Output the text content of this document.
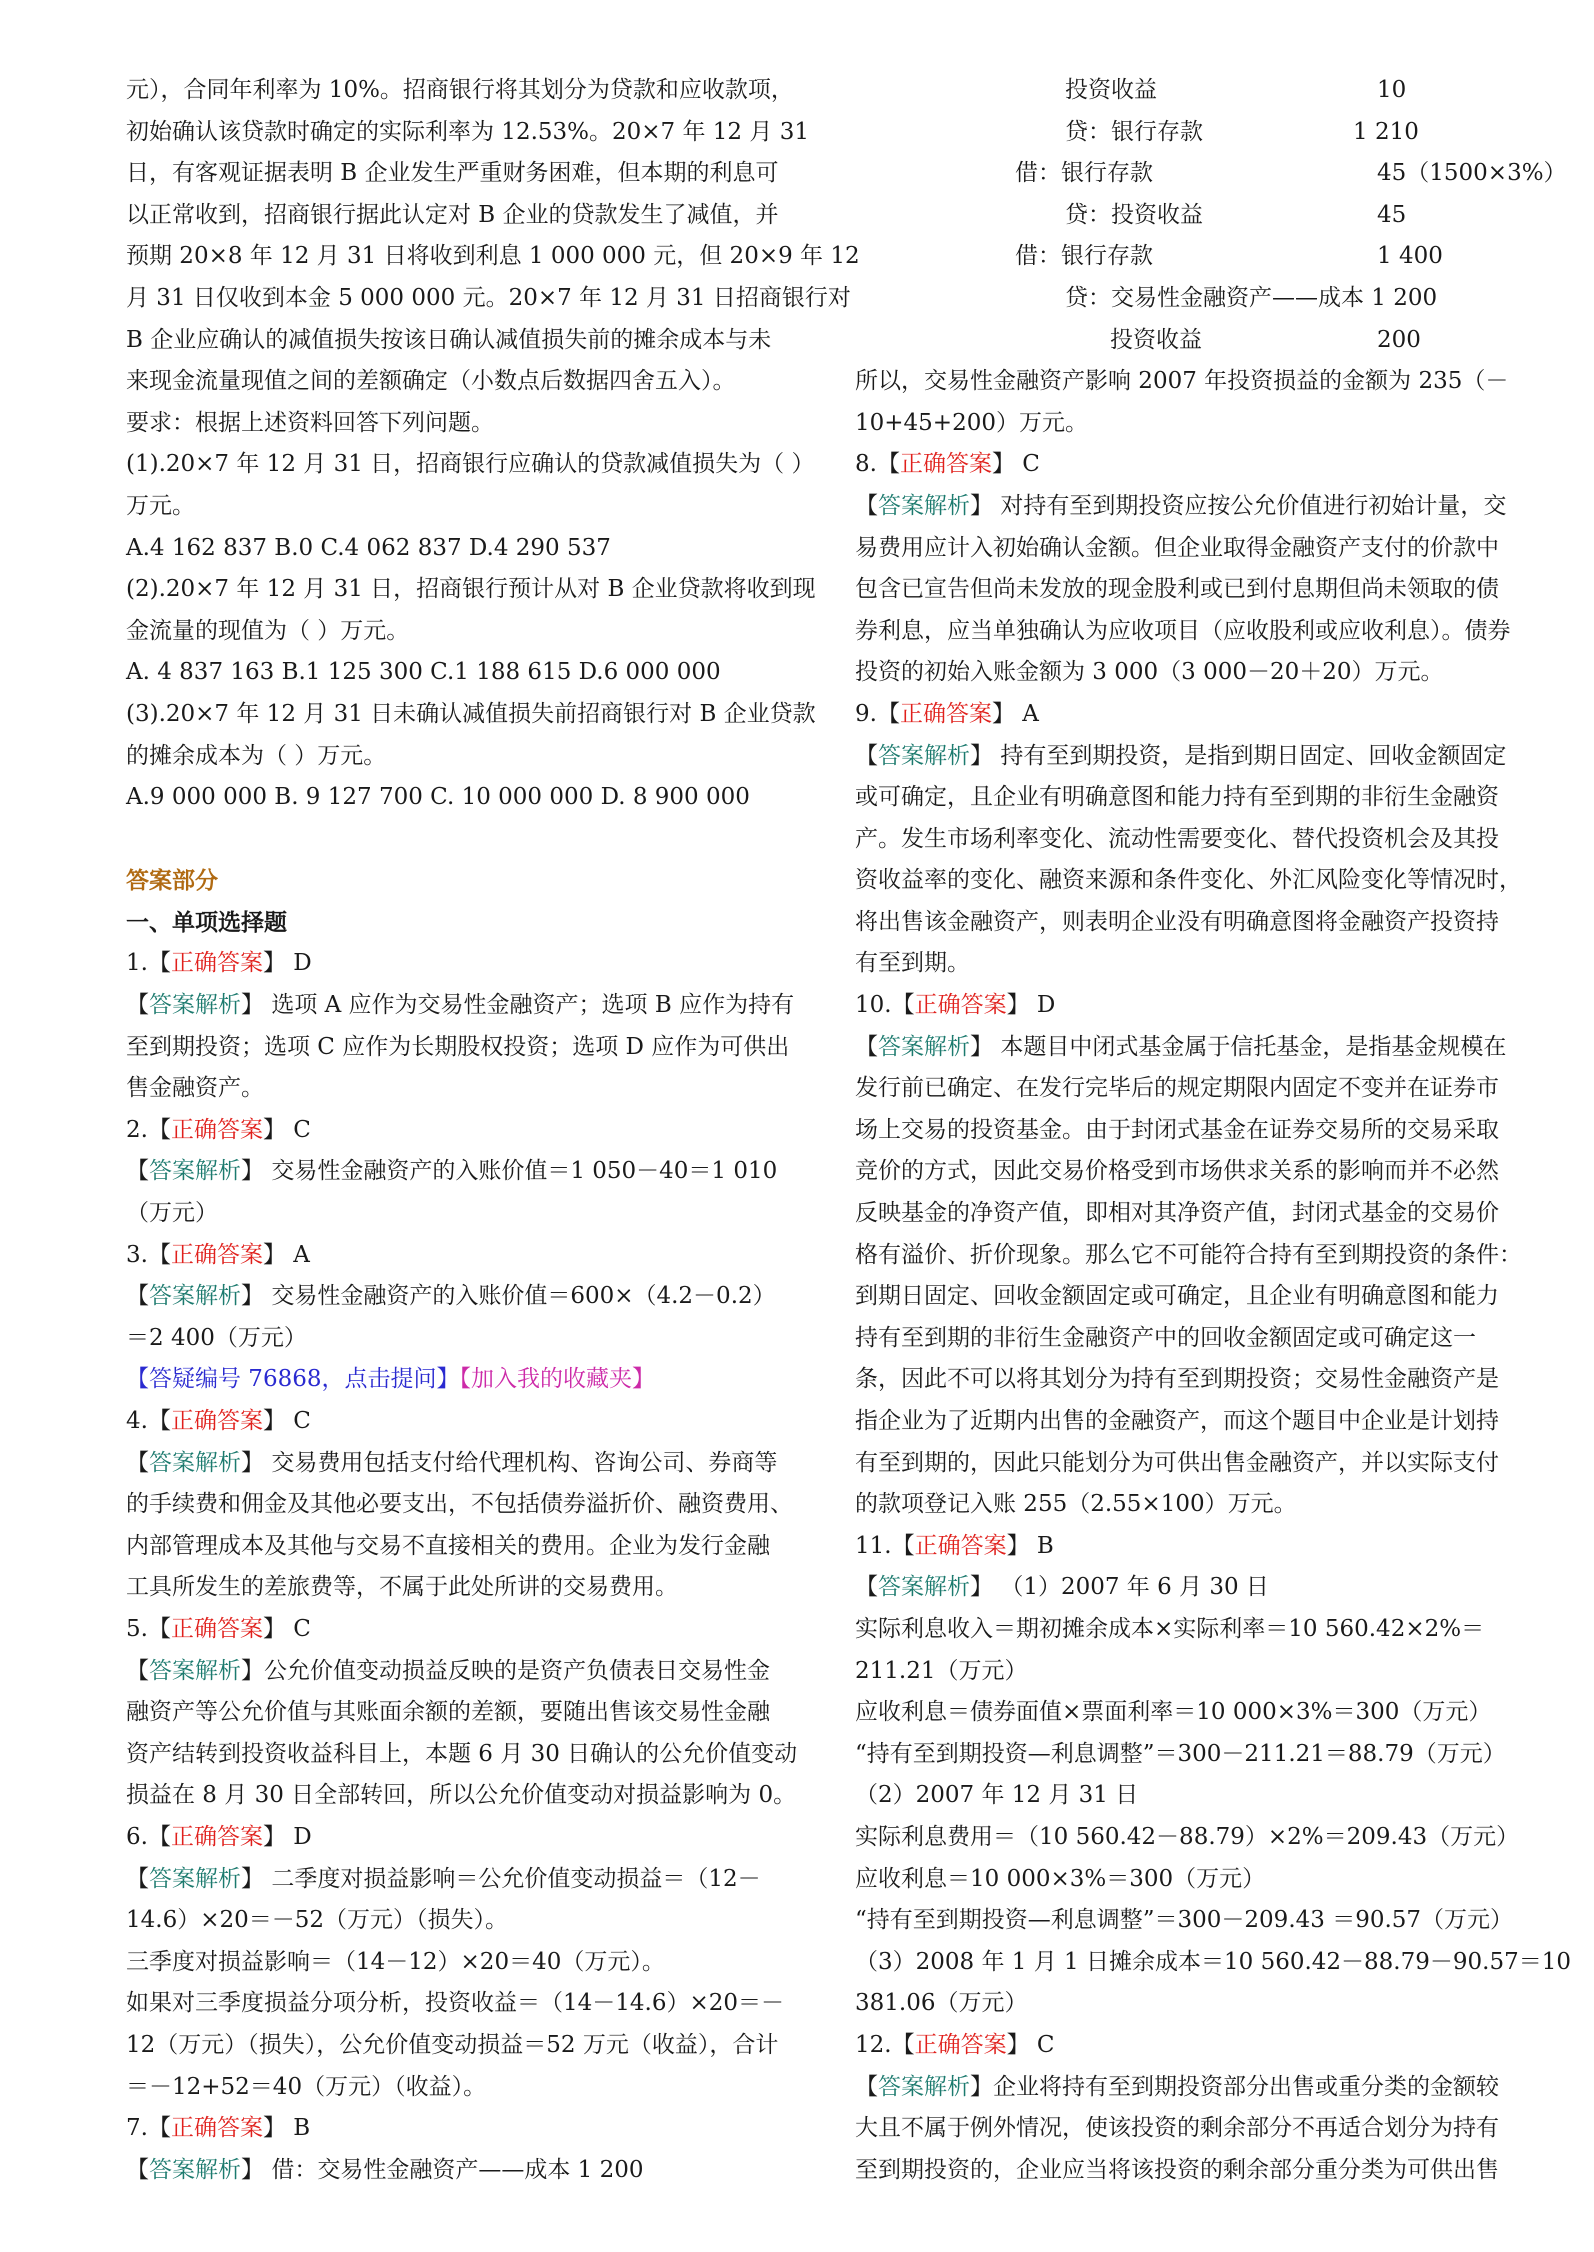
元），合同年利率为 10%。招商银行将其划分为贷款和应收款项，
初始确认该贷款时确定的实际利率为 12.53%。20×7 年 12 月 31
日，有客观证据表明 B 企业发生严重财务困难，但本期的利息可
以正常收到，招商银行据此认定对 B 企业的贷款发生了减值，并
预期 20×8 年 12 月 31 日将收到利息 1 000 000 元，但 20×9 年 12
月 31 日仅收到本金 5 000 000 元。20×7 年 12 月 31 日招商银行对
B 企业应确认的减值损失按该日确认减值损失前的摊余成本与未
来现金流量现值之间的差额确定（小数点后数据四舍五入）。
要求：根据上述资料回答下列问题。
(1).20×7 年 12 月 31 日，招商银行应确认的贷款减值损失为（ ）
万元。
A.4 162 837 B.0 C.4 062 837 D.4 290 537
(2).20×7 年 12 月 31 日，招商银行预计从对 B 企业贷款将收到现
金流量的现值为（ ）万元。
A. 4 837 163 B.1 125 300 C.1 188 615 D.6 000 000
(3).20×7 年 12 月 31 日未确认减值损失前招商银行对 B 企业贷款
的摊余成本为（ ）万元。
A.9 000 000 B. 9 127 700 C. 10 000 000 D. 8 900 000
答案部分
一、单项选择题
1.【正确答案】 D
【答案解析】 选项 A 应作为交易性金融资产；选项 B 应作为持有
至到期投资；选项 C 应作为长期股权投资；选项 D 应作为可供出
售金融资产。
2.【正确答案】 C
【答案解析】 交易性金融资产的入账价值＝1 050－40＝1 010
（万元）
3.【正确答案】 A
【答案解析】 交易性金融资产的入账价值＝600×（4.2－0.2）
＝2 400（万元）
【答疑编号 76868，点击提问】【加入我的收藏夹】
4.【正确答案】 C
【答案解析】 交易费用包括支付给代理机构、咨询公司、券商等
的手续费和佣金及其他必要支出，不包括债券溢折价、融资费用、
内部管理成本及其他与交易不直接相关的费用。企业为发行金融
工具所发生的差旅费等，不属于此处所讲的交易费用。
5.【正确答案】 C
【答案解析】公允价值变动损益反映的是资产负债表日交易性金
融资产等公允价值与其账面余额的差额，要随出售该交易性金融
资产结转到投资收益科目上，本题 6 月 30 日确认的公允价值变动
损益在 8 月 30 日全部转回，所以公允价值变动对损益影响为 0。
6.【正确答案】 D
【答案解析】 二季度对损益影响＝公允价值变动损益＝（12－
14.6）×20＝－52（万元）（损失）。
三季度对损益影响＝（14－12）×20＝40（万元）。
如果对三季度损益分项分析，投资收益＝（14－14.6）×20＝－
12（万元）（损失），公允价值变动损益＝52 万元（收益），合计
＝－12+52＝40（万元）（收益）。
7.【正确答案】 B
【答案解析】 借：交易性金融资产——成本 1 200
投资收益	10
贷：银行存款	1 210
借：银行存款	45（1500×3%）
贷：投资收益	45
借：银行存款	1 400
贷：交易性金融资产——成本 1 200
投资收益	200
所以，交易性金融资产影响 2007 年投资损益的金额为 235（－
10+45+200）万元。
8.【正确答案】 C
【答案解析】 对持有至到期投资应按公允价值进行初始计量，交
易费用应计入初始确认金额。但企业取得金融资产支付的价款中
包含已宣告但尚未发放的现金股利或已到付息期但尚未领取的债
券利息，应当单独确认为应收项目（应收股利或应收利息）。债券
投资的初始入账金额为 3 000（3 000－20＋20）万元。
9.【正确答案】 A
【答案解析】 持有至到期投资，是指到期日固定、回收金额固定
或可确定，且企业有明确意图和能力持有至到期的非衍生金融资
产。发生市场利率变化、流动性需要变化、替代投资机会及其投
资收益率的变化、融资来源和条件变化、外汇风险变化等情况时，
将出售该金融资产，则表明企业没有明确意图将金融资产投资持
有至到期。
10.【正确答案】 D
【答案解析】 本题目中闭式基金属于信托基金，是指基金规模在
发行前已确定、在发行完毕后的规定期限内固定不变并在证券市
场上交易的投资基金。由于封闭式基金在证券交易所的交易采取
竞价的方式，因此交易价格受到市场供求关系的影响而并不必然
反映基金的净资产值，即相对其净资产值，封闭式基金的交易价
格有溢价、折价现象。那么它不可能符合持有至到期投资的条件：
到期日固定、回收金额固定或可确定，且企业有明确意图和能力
持有至到期的非衍生金融资产中的回收金额固定或可确定这一
条，因此不可以将其划分为持有至到期投资；交易性金融资产是
指企业为了近期内出售的金融资产，而这个题目中企业是计划持
有至到期的，因此只能划分为可供出售金融资产，并以实际支付
的款项登记入账 255（2.55×100）万元。
11.【正确答案】 B
【答案解析】 （1）2007 年 6 月 30 日
实际利息收入＝期初摊余成本×实际利率＝10 560.42×2%＝
211.21（万元）
应收利息＝债券面值×票面利率＝10 000×3%＝300（万元）
“持有至到期投资—利息调整”＝300－211.21＝88.79（万元）
（2）2007 年 12 月 31 日
实际利息费用＝（10 560.42－88.79）×2%＝209.43（万元）
应收利息＝10 000×3%＝300（万元）
“持有至到期投资—利息调整”＝300－209.43 ＝90.57（万元）
（3）2008 年 1 月 1 日摊余成本＝10 560.42－88.79－90.57＝10
381.06（万元）
12.【正确答案】 C
【答案解析】企业将持有至到期投资部分出售或重分类的金额较
大且不属于例外情况，使该投资的剩余部分不再适合划分为持有
至到期投资的，企业应当将该投资的剩余部分重分类为可供出售
